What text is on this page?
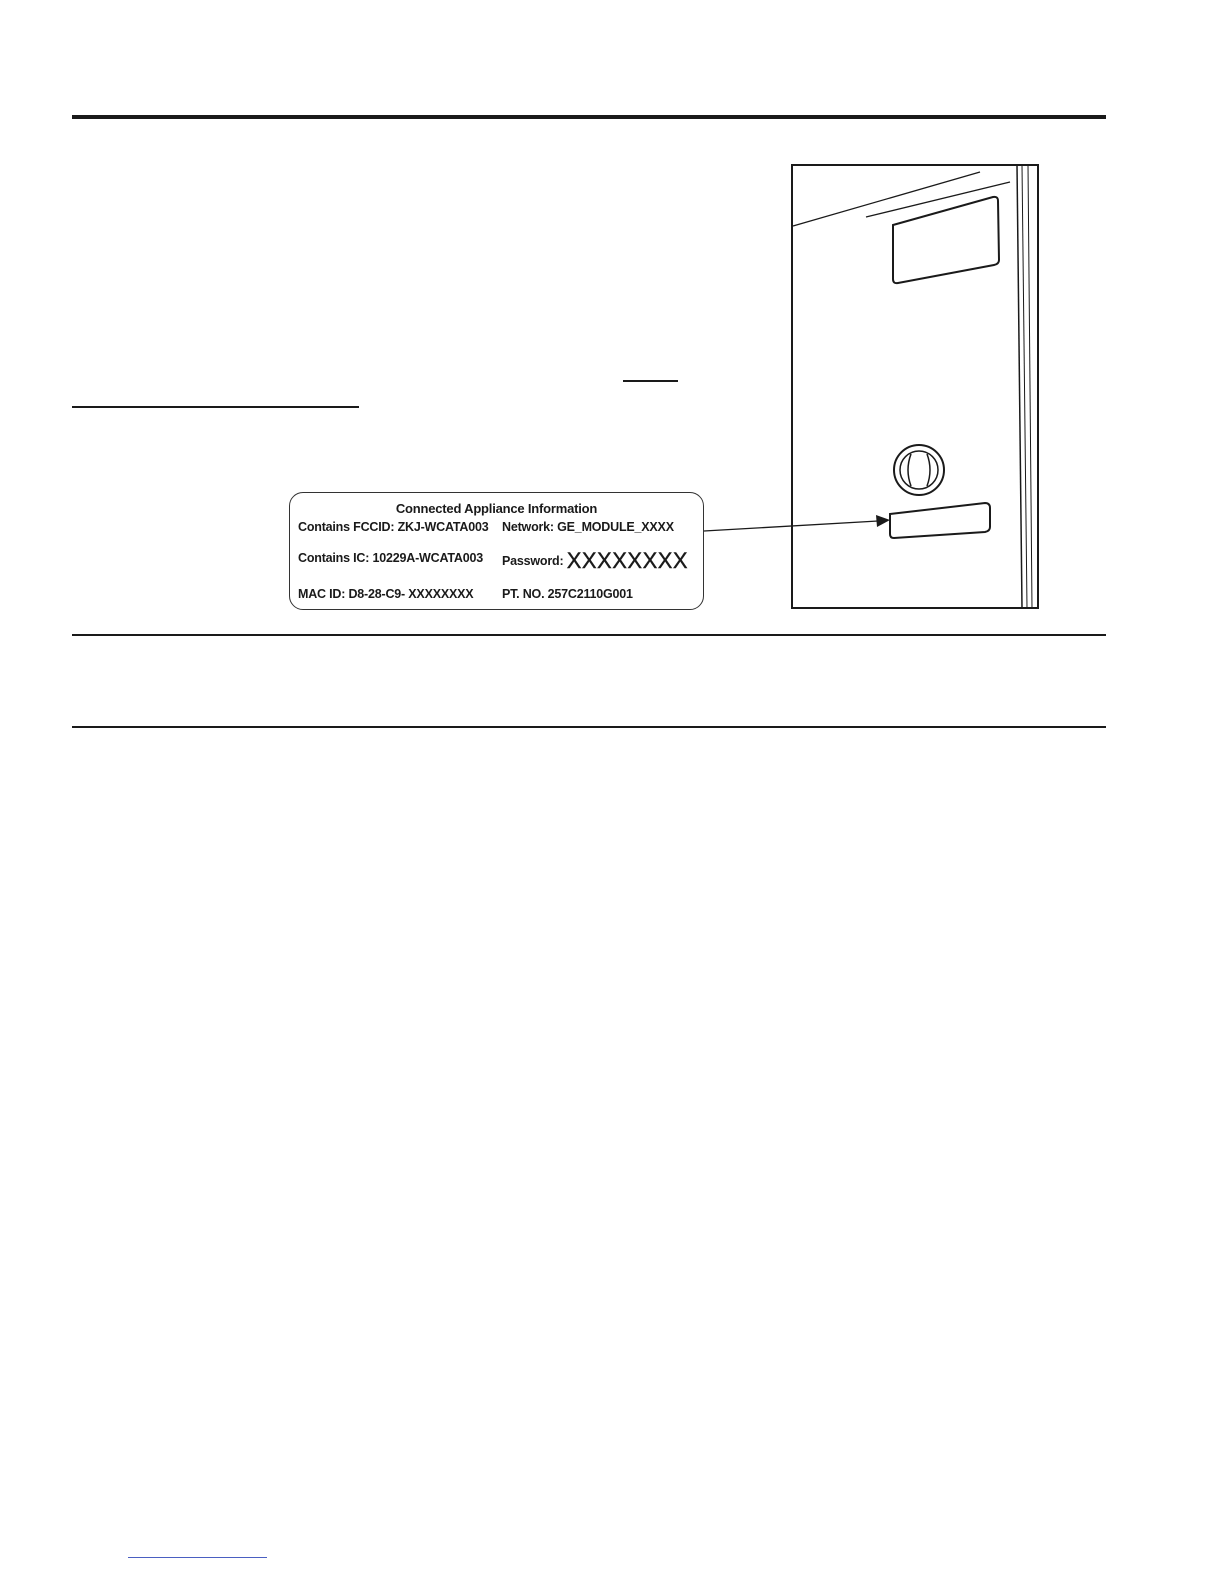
Connected Appliance Information
Contains FCCID: ZKJ-WCATA003 Network: GE_MODULE_XXXX
Contains IC: 10229A-WCATA003 Password: XXXXXXXX
MAC ID: D8-28-C9- XXXXXXXX PT. NO. 257C2110G001
